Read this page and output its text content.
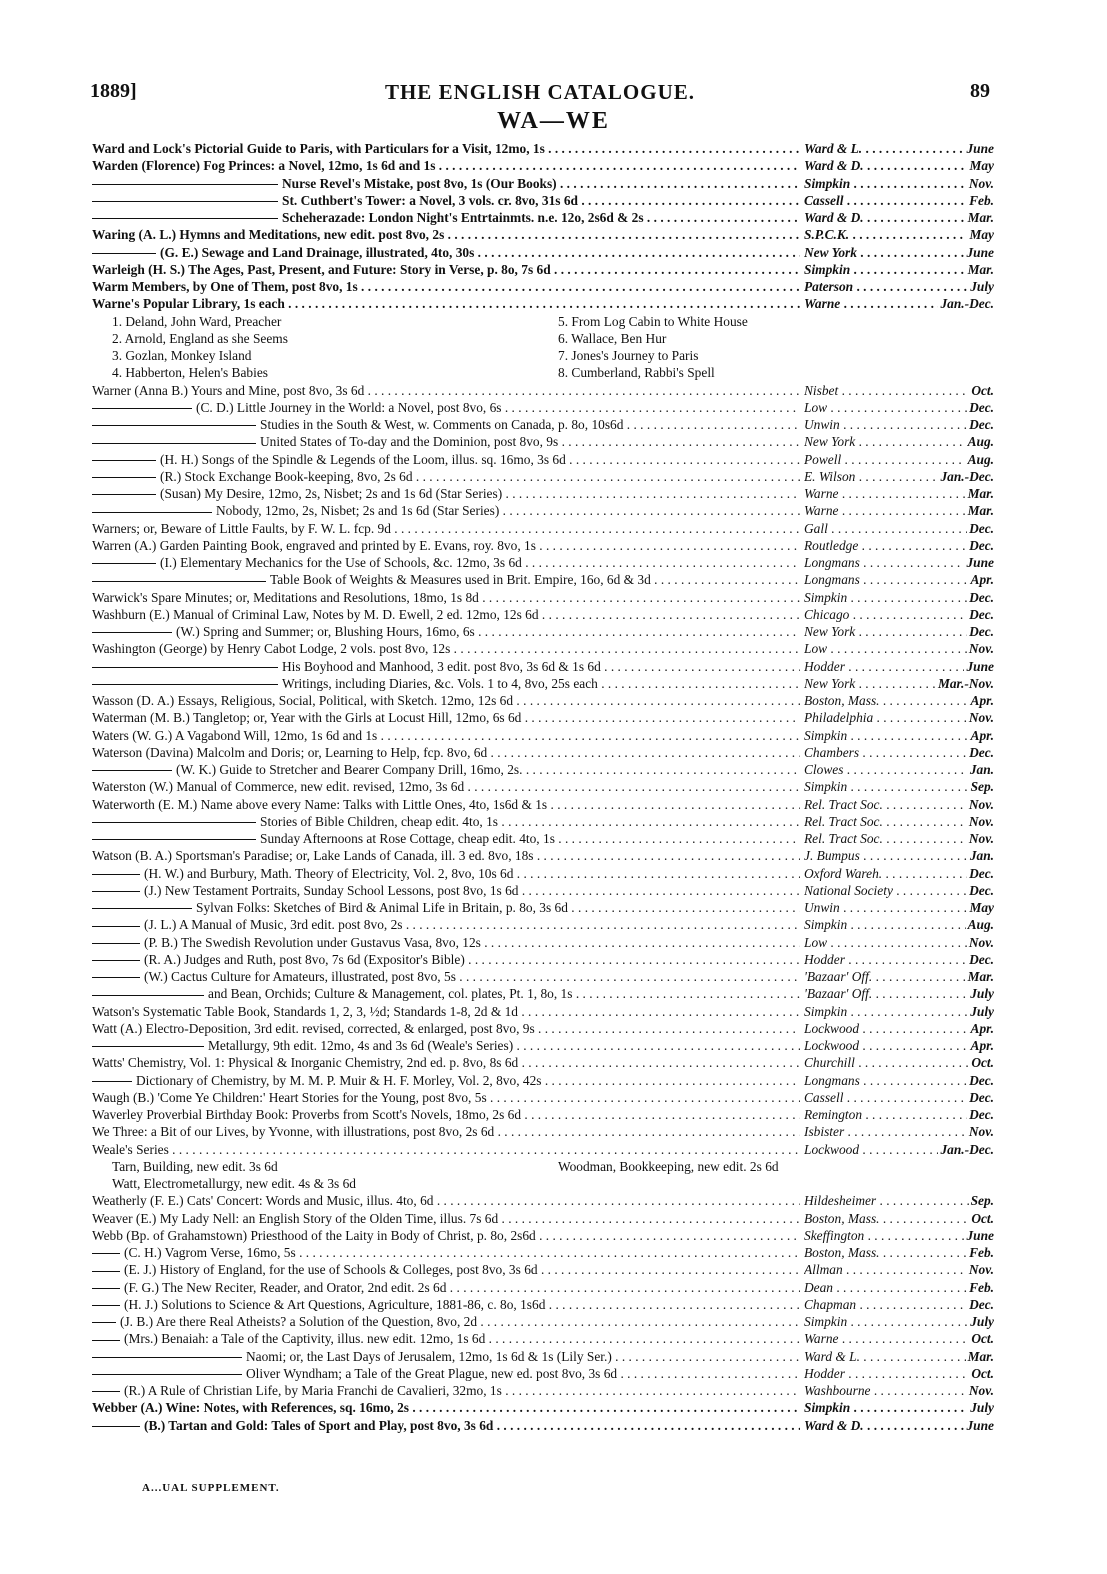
1889]	THE ENGLISH CATALOGUE.	89
WA—WE
Ward and Lock's Pictorial Guide to Paris, with Particulars for a Visit, 12mo, 1s . . .	Ward & L. . . .	June
Warden (Florence) Fog Princes: a Novel, 12mo, 1s 6d and 1s . . .	Ward & D. . . .	May
Nurse Revel's Mistake, post 8vo, 1s (Our Books) . . .	Simpkin . . .	Nov.
St. Cuthbert's Tower: a Novel, 3 vols. cr. 8vo, 31s 6d . . .	Cassell . . .	Feb.
Scheherazade: London Night's Entrtainmts. n.e. 12o, 2s6d & 2s . . .	Ward & D. . . .	Mar.
Waring (A. L.) Hymns and Meditations, new edit. post 8vo, 2s . . .	S.P.C.K. . . .	May
(G. E.) Sewage and Land Drainage, illustrated, 4to, 30s . . .	New York . . .	June
Warleigh (H. S.) The Ages, Past, Present, and Future: Story in Verse, p. 8o, 7s 6d . . .	Simpkin . . .	Mar.
Warm Members, by One of Them, post 8vo, 1s . . .	Paterson . . .	July
Warne's Popular Library, 1s each . . .	Warne . . .	Jan.-Dec.
1. Deland, John Ward, Preacher	5. From Log Cabin to White House
2. Arnold, England as she Seems	6. Wallace, Ben Hur
3. Gozlan, Monkey Island	7. Jones's Journey to Paris
4. Habberton, Helen's Babies	8. Cumberland, Rabbi's Spell
Warner (Anna B.) Yours and Mine, post 8vo, 3s 6d . . .	Nisbet . . .	Oct.
(C. D.) Little Journey in the World: a Novel, post 8vo, 6s . . .	Low . . .	Dec.
Studies in the South & West, w. Comments on Canada, p. 8o, 10s6d . . .	Unwin . . .	Dec.
United States of To-day and the Dominion, post 8vo, 9s . . .	New York . . .	Aug.
(H. H.) Songs of the Spindle & Legends of the Loom, illus. sq. 16mo, 3s 6d . . .	Powell . . .	Aug.
(R.) Stock Exchange Book-keeping, 8vo, 2s 6d . . .	E. Wilson . . .	Jan.-Dec.
(Susan) My Desire, 12mo, 2s, Nisbet; 2s and 1s 6d (Star Series) . . .	Warne . . .	Mar.
Nobody, 12mo, 2s, Nisbet; 2s and 1s 6d (Star Series) . . .	Warne . . .	Mar.
Warners; or, Beware of Little Faults, by F. W. L. fcp. 9d . . .	Gall . . .	Dec.
Warren (A.) Garden Painting Book, engraved and printed by E. Evans, roy. 8vo, 1s . . .	Routledge . . .	Dec.
(I.) Elementary Mechanics for the Use of Schools, &c. 12mo, 3s 6d . . .	Longmans . . .	June
Table Book of Weights & Measures used in Brit. Empire, 16o, 6d & 3d . . .	Longmans . . .	Apr.
Warwick's Spare Minutes; or, Meditations and Resolutions, 18mo, 1s 8d . . .	Simpkin . . .	Dec.
Washburn (E.) Manual of Criminal Law, Notes by M. D. Ewell, 2 ed. 12mo, 12s 6d . . .	Chicago . . .	Dec.
(W.) Spring and Summer; or, Blushing Hours, 16mo, 6s . . .	New York . . .	Dec.
Washington (George) by Henry Cabot Lodge, 2 vols. post 8vo, 12s . . .	Low . . .	Nov.
His Boyhood and Manhood, 3 edit. post 8vo, 3s 6d & 1s 6d . . .	Hodder . . .	June
Writings, including Diaries, &c. Vols. 1 to 4, 8vo, 25s each . . .	New York . . .	Mar.-Nov.
Wasson (D. A.) Essays, Religious, Social, Political, with Sketch. 12mo, 12s 6d . . .	Boston, Mass. . . .	Apr.
Waterman (M. B.) Tangletop; or, Year with the Girls at Locust Hill, 12mo, 6s 6d . . .	Philadelphia . . .	Nov.
Waters (W. G.) A Vagabond Will, 12mo, 1s 6d and 1s . . .	Simpkin . . .	Apr.
Waterson (Davina) Malcolm and Doris; or, Learning to Help, fcp. 8vo, 6d . . .	Chambers . . .	Dec.
(W. K.) Guide to Stretcher and Bearer Company Drill, 16mo, 2s. . . .	Clowes . . .	Jan.
Waterston (W.) Manual of Commerce, new edit. revised, 12mo, 3s 6d . . .	Simpkin . . .	Sep.
Waterworth (E. M.) Name above every Name: Talks with Little Ones, 4to, 1s6d & 1s . . .	Rel. Tract Soc. . . .	Nov.
Stories of Bible Children, cheap edit. 4to, 1s . . .	Rel. Tract Soc. . . .	Nov.
Sunday Afternoons at Rose Cottage, cheap edit. 4to, 1s . . .	Rel. Tract Soc. . . .	Nov.
Watson (B. A.) Sportsman's Paradise; or, Lake Lands of Canada, ill. 3 ed. 8vo, 18s . . .	J. Bumpus . . .	Jan.
(H. W.) and Burbury, Math. Theory of Electricity, Vol. 2, 8vo, 10s 6d . . .	Oxford Wareh. . . .	Dec.
(J.) New Testament Portraits, Sunday School Lessons, post 8vo, 1s 6d . . .	National Society . . .	Dec.
Sylvan Folks: Sketches of Bird & Animal Life in Britain, p. 8o, 3s 6d . . .	Unwin . . .	May
(J. L.) A Manual of Music, 3rd edit. post 8vo, 2s . . .	Simpkin . . .	Aug.
(P. B.) The Swedish Revolution under Gustavus Vasa, 8vo, 12s . . .	Low . . .	Nov.
(R. A.) Judges and Ruth, post 8vo, 7s 6d (Expositor's Bible) . . .	Hodder . . .	Dec.
(W.) Cactus Culture for Amateurs, illustrated, post 8vo, 5s . . .	'Bazaar' Off. . . .	Mar.
and Bean, Orchids; Culture & Management, col. plates, Pt. 1, 8o, 1s . . .	'Bazaar' Off. . . .	July
Watson's Systematic Table Book, Standards 1, 2, 3, ½d; Standards 1-8, 2d & 1d . . .	Simpkin . . .	July
Watt (A.) Electro-Deposition, 3rd edit. revised, corrected, & enlarged, post 8vo, 9s . . .	Lockwood . . .	Apr.
Metallurgy, 9th edit. 12mo, 4s and 3s 6d (Weale's Series) . . .	Lockwood . . .	Apr.
Watts' Chemistry, Vol. 1: Physical & Inorganic Chemistry, 2nd ed. p. 8vo, 8s 6d . . .	Churchill . . .	Oct.
Dictionary of Chemistry, by M. M. P. Muir & H. F. Morley, Vol. 2, 8vo, 42s . . .	Longmans . . .	Dec.
Waugh (B.) 'Come Ye Children:' Heart Stories for the Young, post 8vo, 5s . . .	Cassell . . .	Dec.
Waverley Proverbial Birthday Book: Proverbs from Scott's Novels, 18mo, 2s 6d . . .	Remington . . .	Dec.
We Three: a Bit of our Lives, by Yvonne, with illustrations, post 8vo, 2s 6d . . .	Isbister . . .	Nov.
Weale's Series . . .	Lockwood . . .	Jan.-Dec.
Tarn, Building, new edit. 3s 6d	Woodman, Bookkeeping, new edit. 2s 6d
Watt, Electrometallurgy, new edit. 4s & 3s 6d
Weatherly (F. E.) Cats' Concert: Words and Music, illus. 4to, 6d . . .	Hildesheimer . . .	Sep.
Weaver (E.) My Lady Nell: an English Story of the Olden Time, illus. 7s 6d . . .	Boston, Mass. . . .	Oct.
Webb (Bp. of Grahamstown) Priesthood of the Laity in Body of Christ, p. 8o, 2s6d . . .	Skeffington . . .	June
(C. H.) Vagrom Verse, 16mo, 5s . . .	Boston, Mass. . . .	Feb.
(E. J.) History of England, for the use of Schools & Colleges, post 8vo, 3s 6d . . .	Allman . . .	Nov.
(F. G.) The New Reciter, Reader, and Orator, 2nd edit. 2s 6d . . .	Dean . . .	Feb.
(H. J.) Solutions to Science & Art Questions, Agriculture, 1881-86, c. 8o, 1s6d . . .	Chapman . . .	Dec.
(J. B.) Are there Real Atheists? a Solution of the Question, 8vo, 2d . . .	Simpkin . . .	July
(Mrs.) Benaiah: a Tale of the Captivity, illus. new edit. 12mo, 1s 6d . . .	Warne . . .	Oct.
Naomi; or, the Last Days of Jerusalem, 12mo, 1s 6d & 1s (Lily Ser.) . . .	Ward & L. . . .	Mar.
Oliver Wyndham; a Tale of the Great Plague, new ed. post 8vo, 3s 6d . . .	Hodder . . .	Oct.
(R.) A Rule of Christian Life, by Maria Franchi de Cavalieri, 32mo, 1s . . .	Washbourne . . .	Nov.
Webber (A.) Wine: Notes, with References, sq. 16mo, 2s . . .	Simpkin . . .	July
(B.) Tartan and Gold: Tales of Sport and Play, post 8vo, 3s 6d . . .	Ward & D. . . .	June
A...UAL SUPPLEMENT.
